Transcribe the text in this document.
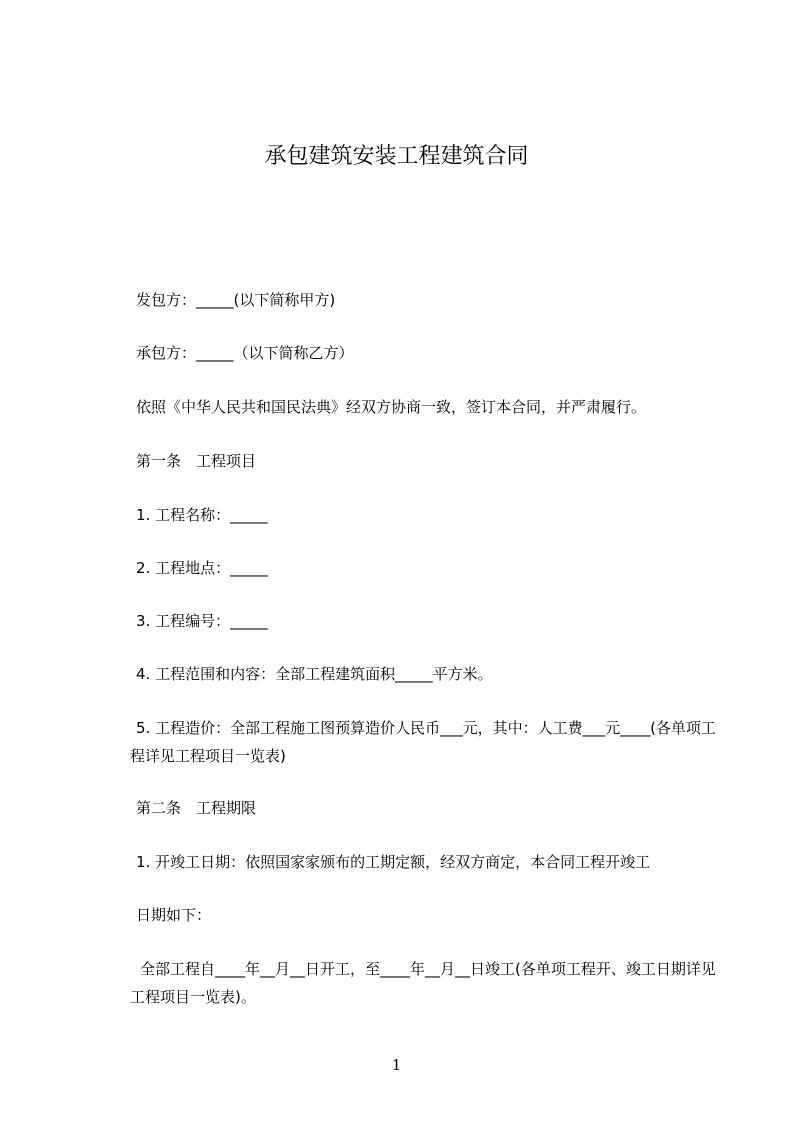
承包建筑安装工程建筑合同

发包方：_____(以下简称甲方)

承包方：_____（以下简称乙方）

依照《中华人民共和国民法典》经双方协商一致，签订本合同，并严肃履行。

第一条　工程项目

1. 工程名称：_____

2. 工程地点：_____

3. 工程编号：_____

4. 工程范围和内容：全部工程建筑面积_____平方米。

5. 工程造价：全部工程施工图预算造价人民币___元，其中：人工费___元____(各单项工程详见工程项目一览表)

第二条　工程期限

1. 开竣工日期：依照国家家颁布的工期定额，经双方商定，本合同工程开竣工

日期如下：

全部工程自____年__月__日开工，至____年__月__日竣工(各单项工程开、竣工日期详见工程项目一览表)。

1
